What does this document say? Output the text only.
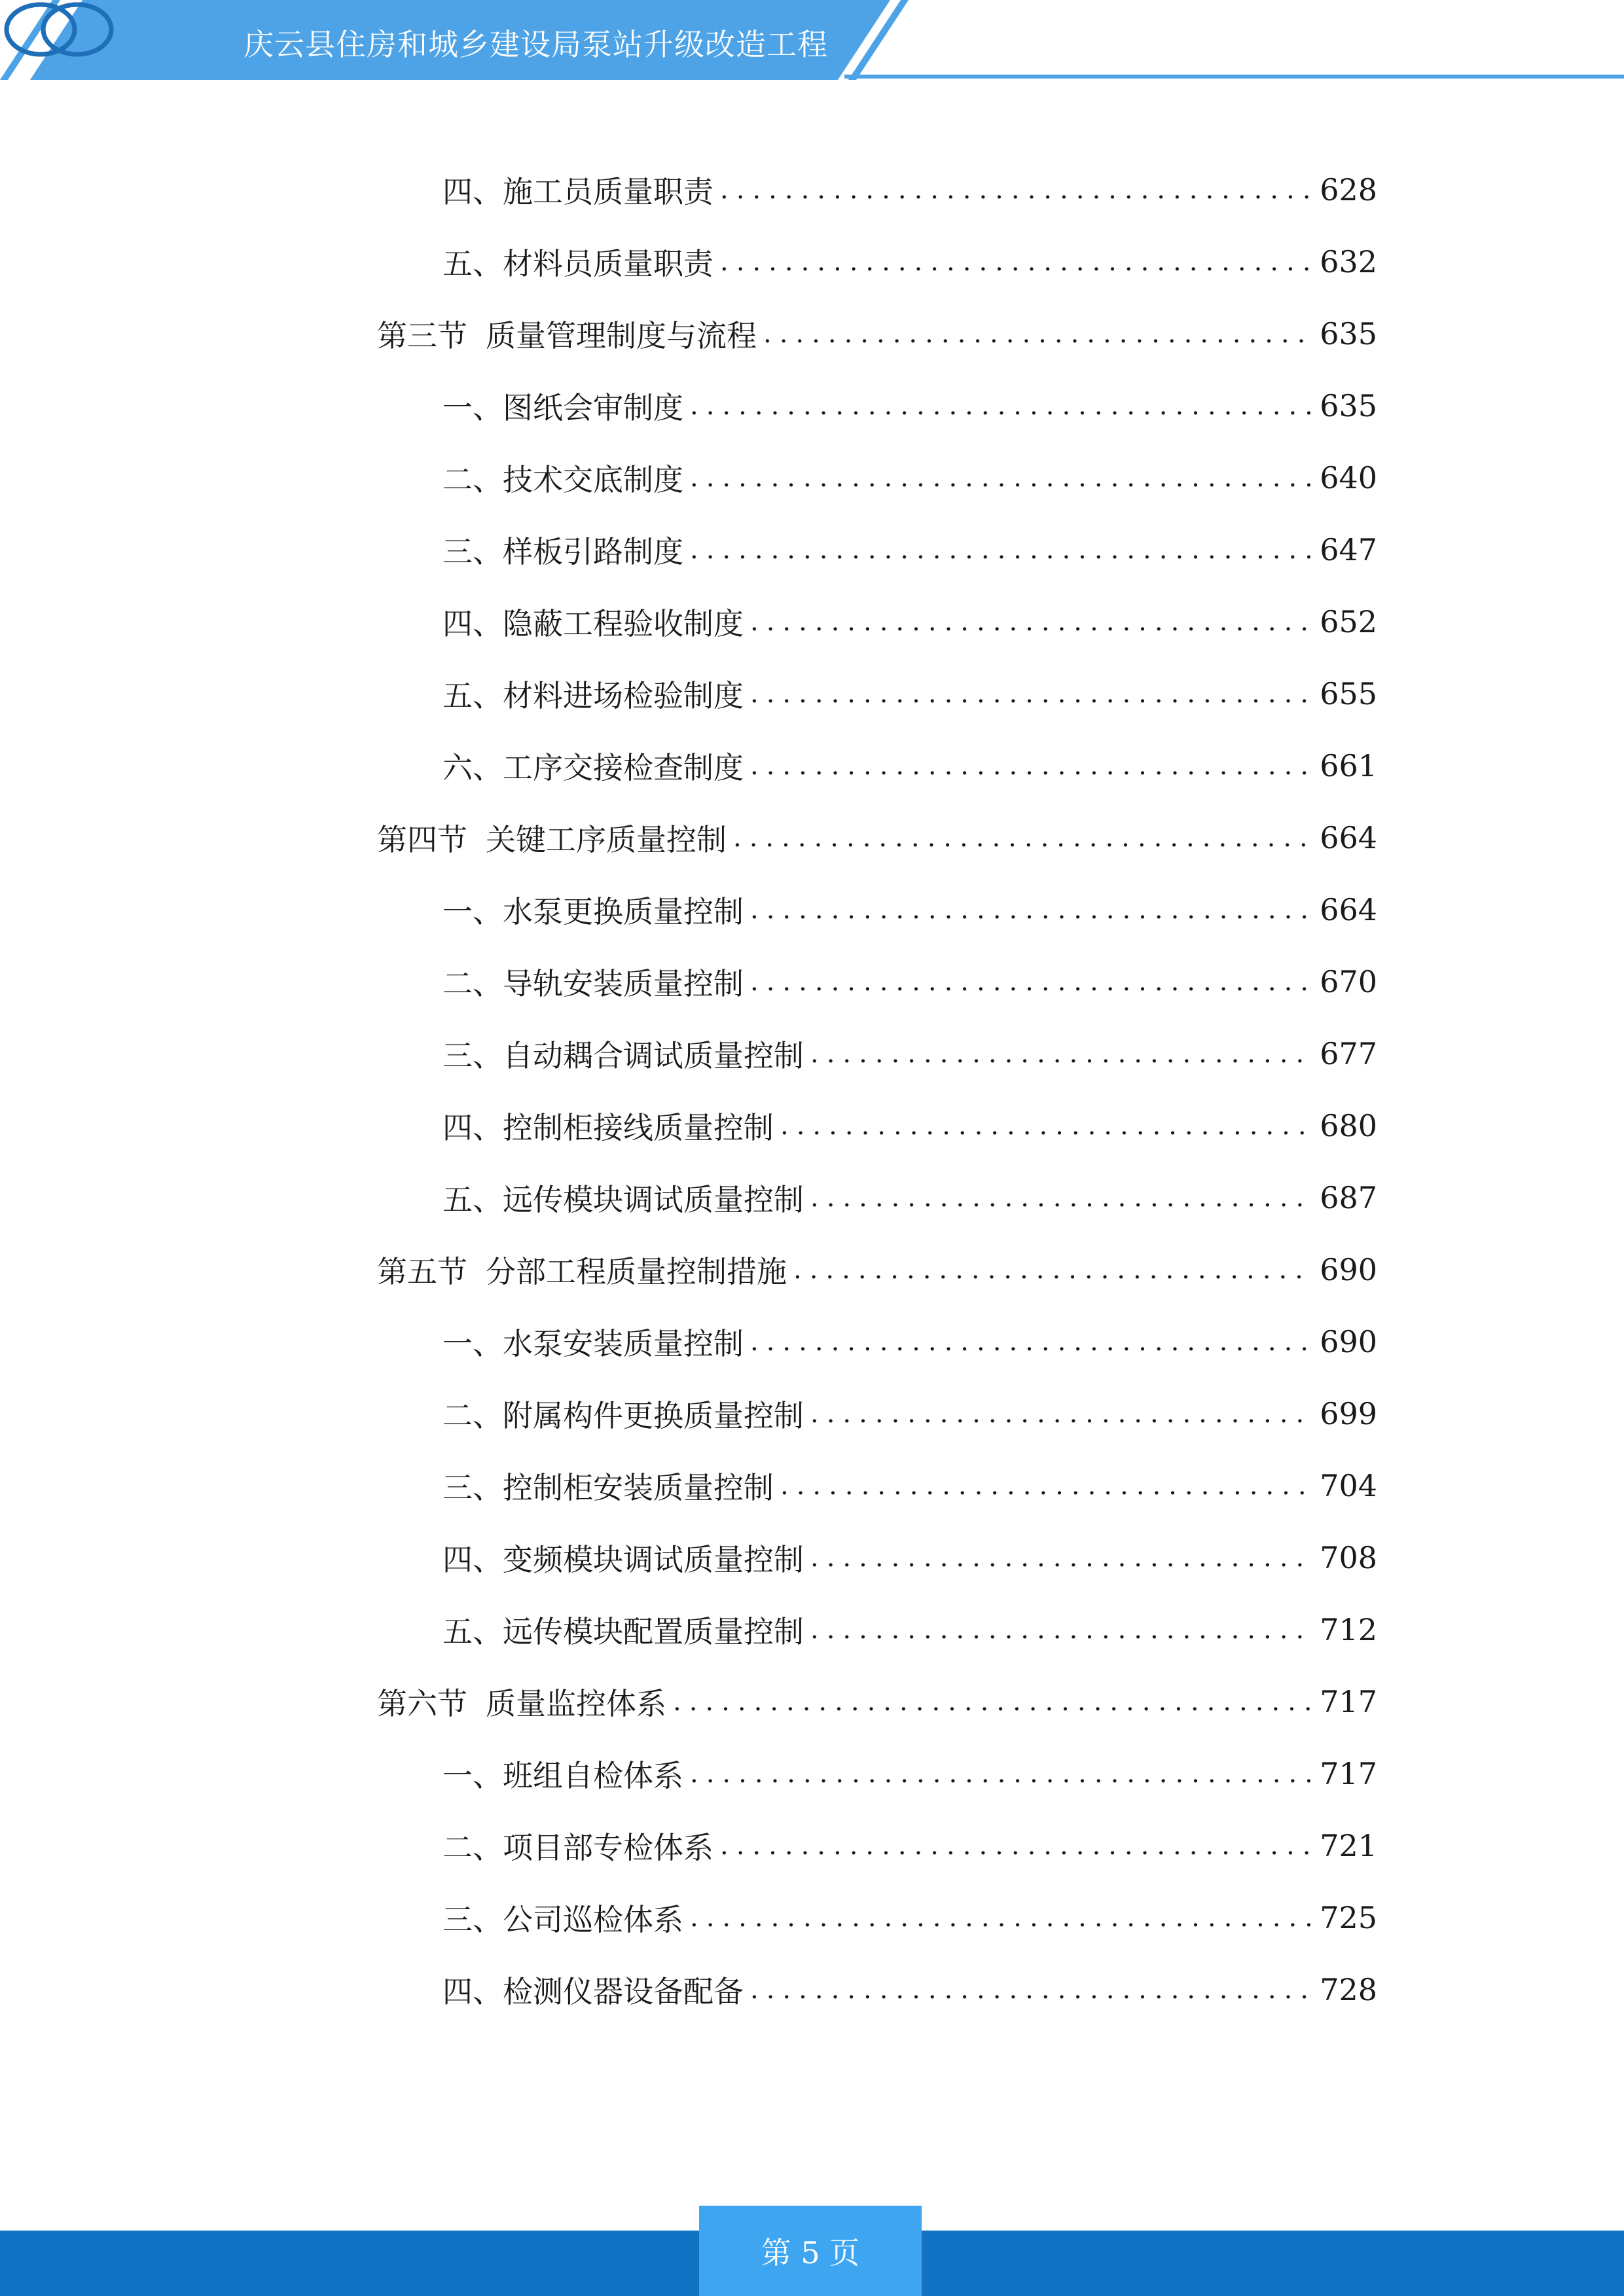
庆云县住房和城乡建设局泵站升级改造工程
四、 施工员质量职责 .....	628
五、 材料员质量职责 .....	632
第三节 质量管理制度与流程 .....	635
一、 图纸会审制度 .....	635
二、 技术交底制度 .....	640
三、 样板引路制度 .....	647
四、 隐蔽工程验收制度 .....	652
五、 材料进场检验制度 .....	655
六、 工序交接检查制度 .....	661
第四节 关键工序质量控制 .....	664
一、 水泵更换质量控制 .....	664
二、 导轨安装质量控制 .....	670
三、 自动耦合调试质量控制 .....	677
四、 控制柜接线质量控制 .....	680
五、 远传模块调试质量控制 .....	687
第五节 分部工程质量控制措施 .....	690
一、 水泵安装质量控制 .....	690
二、 附属构件更换质量控制 .....	699
三、 控制柜安装质量控制 .....	704
四、 变频模块调试质量控制 .....	708
五、 远传模块配置质量控制 .....	712
第六节 质量监控体系 .....	717
一、 班组自检体系 .....	717
二、 项目部专检体系 .....	721
三、 公司巡检体系 .....	725
四、 检测仪器设备配备 .....	728
第 5 页
